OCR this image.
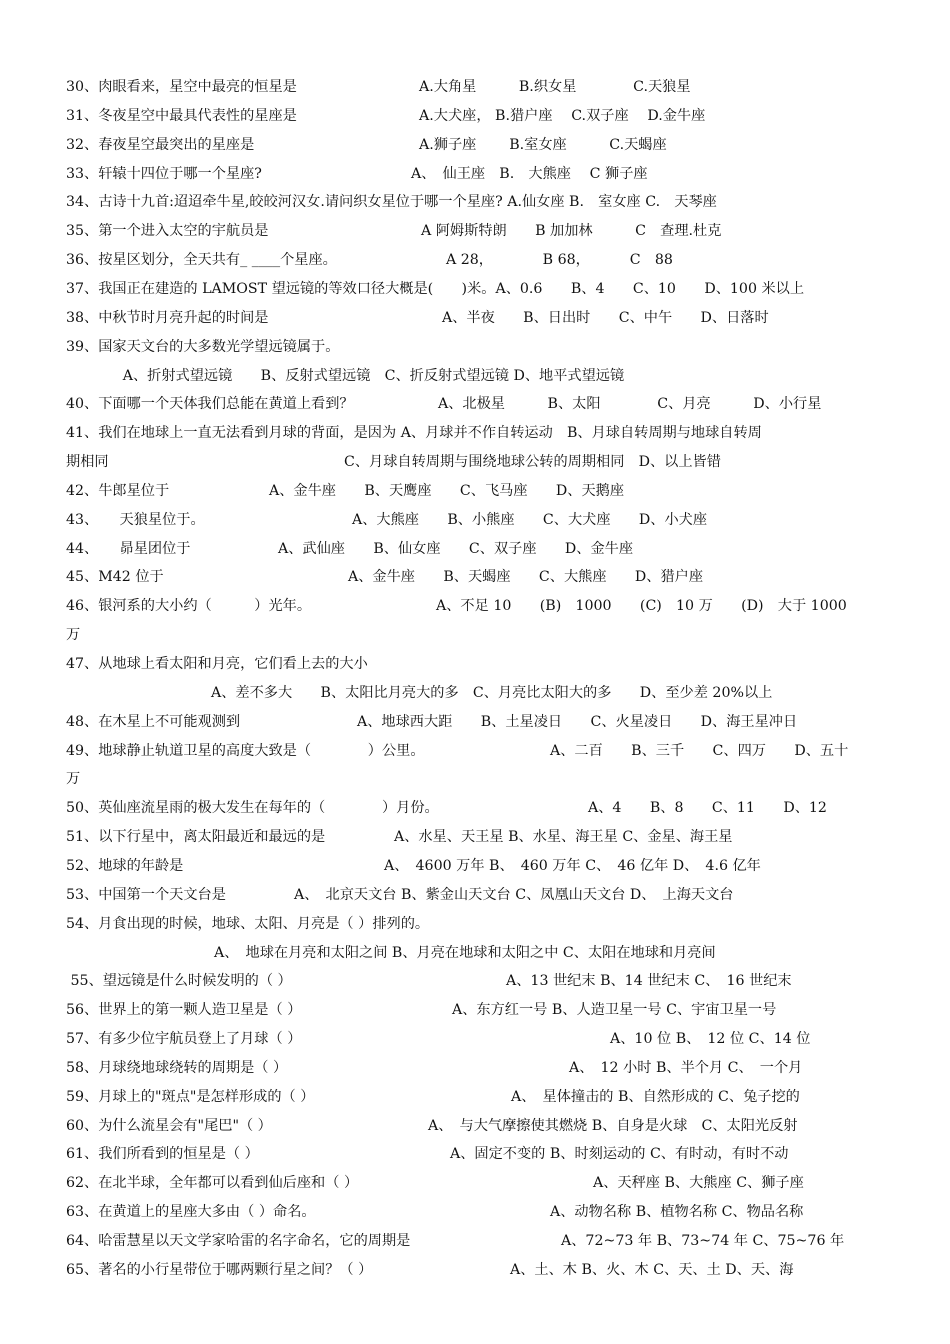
30、肉眼看来，星空中最亮的恒星是	A.大角星　　　B.织女星　　　　C.天狼星
31、冬夜星空中最具代表性的星座是	A.大犬座， B.猎户座　 C.双子座　 D.金牛座
32、春夜星空最突出的星座是	A.狮子座　　 B.室女座　　　C.天蝎座
33、轩辕十四位于哪一个星座?	A、　仙王座　B.　大熊座　 C 狮子座
34、古诗十九首:迢迢牵牛星,皎皎河汉女.请问织女星位于哪一个星座? A.仙女座 B.　室女座 C.　天琴座
35、第一个进入太空的宇航员是	A 阿姆斯特朗　　B 加加林　　　C　查理.杜克
36、按星区划分，全天共有_ ____个星座。	A 28，　　　　B 68，　　　 C　88
37、我国正在建造的 LAMOST 望远镜的等效口径大概是(　　)米。A、0.6　　B、4　　C、10　　D、100 米以上
38、中秋节时月亮升起的时间是	A、半夜　　B、日出时　　C、中午　　D、日落时
39、国家天文台的大多数光学望远镜属于。
　　　　A、折射式望远镜　　B、反射式望远镜　C、折反射式望远镜 D、地平式望远镜
40、下面哪一个天体我们总能在黄道上看到？	A、北极星　　　B、太阳　　　　C、月亮　　　D、小行星
41、我们在地球上一直无法看到月球的背面，是因为 A、月球并不作自转运动　B、月球自转周期与地球自转周
期相同	C、月球自转周期与围绕地球公转的周期相同　D、以上皆错
42、牛郎星位于	A、金牛座　　B、天鹰座　　C、飞马座　　D、天鹅座
43、　　天狼星位于。	A、大熊座　　B、小熊座　　C、大犬座　　D、小犬座
44、　　昴星团位于	A、武仙座　　B、仙女座　　C、双子座　　D、金牛座
45、M42 位于	A、金牛座　　B、天蝎座　　C、大熊座　　D、猎户座
46、银河系的大小约（　　　）光年。	A、不足 10　　(B)　1000　　(C)　10 万　　(D)　大于 1000
万
47、从地球上看太阳和月亮，它们看上去的大小
A、差不多大　　B、太阳比月亮大的多　C、月亮比太阳大的多　　D、至少差 20%以上
48、在木星上不可能观测到	A、地球西大距　　B、土星凌日　　C、火星凌日　　D、海王星冲日
49、地球静止轨道卫星的高度大致是（　　　　）公里。	A、二百　　B、三千　　C、四万　　D、五十
万
50、英仙座流星雨的极大发生在每年的（　　　　）月份。	A、4　　B、8　　C、11　　D、12
51、以下行星中，离太阳最近和最远的是	A、水星、天王星 B、水星、海王星 C、金星、海王星
52、地球的年龄是	A、　4600 万年 B、　460 万年 C、　46 亿年 D、　4.6 亿年
53、中国第一个天文台是	A、　北京天文台 B、紫金山天文台 C、凤凰山天文台 D、　上海天文台
54、月食出现的时候，地球、太阳、月亮是（ ）排列的。
A、　地球在月亮和太阳之间 B、月亮在地球和太阳之中 C、太阳在地球和月亮间
55、望远镜是什么时候发明的（ ）	A、13 世纪末 B、14 世纪末 C、　16 世纪末
56、世界上的第一颗人造卫星是（ ）	A、东方红一号 B、人造卫星一号 C、宇宙卫星一号
57、有多少位宇航员登上了月球（ ）	A、10 位 B、　12 位 C、14 位
58、月球绕地球绕转的周期是（ ）	A、　12 小时 B、半个月 C、　一个月
59、月球上的"斑点"是怎样形成的（ ）	A、　星体撞击的 B、自然形成的 C、兔子挖的
60、为什么流星会有"尾巴"（ ）	A、　与大气摩擦使其燃烧 B、自身是火球　C、太阳光反射
61、我们所看到的恒星是（ ）	A、固定不变的 B、时刻运动的 C、有时动，有时不动
62、在北半球，全年都可以看到仙后座和（ ）	A、天秤座 B、大熊座 C、狮子座
63、在黄道上的星座大多由（ ）命名。	A、动物名称 B、植物名称 C、物品名称
64、哈雷慧星以天文学家哈雷的名字命名，它的周期是	A、72~73 年 B、73~74 年 C、75~76 年
65、著名的小行星带位于哪两颗行星之间？（ ）	A、土、木 B、火、木 C、天、土 D、天、海
